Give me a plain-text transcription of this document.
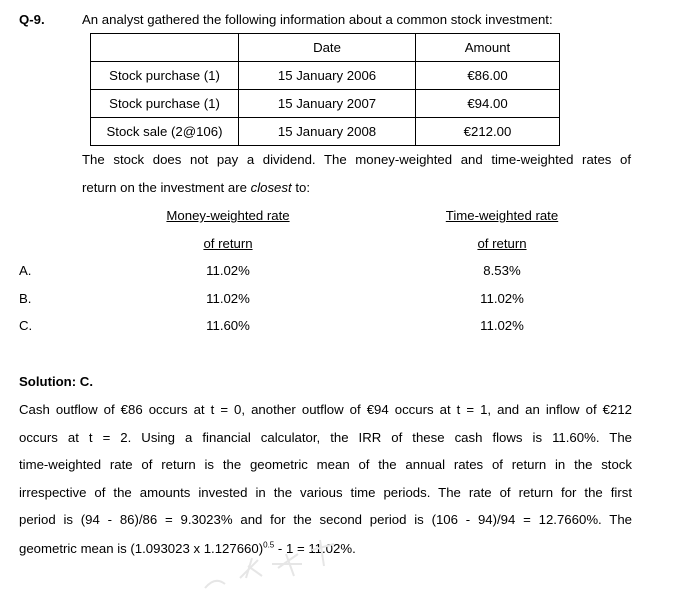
Q-9.	An analyst gathered the following information about a common stock investment:
	Date	Amount
Stock purchase (1)	15 January 2006	€86.00
Stock purchase (1)	15 January 2007	€94.00
Stock sale (2@106)	15 January 2008	€212.00
The stock does not pay a dividend. The money-weighted and time-weighted rates of
return on the investment are closest to:
Money-weighted rate
of return
Time-weighted rate
of return
A.	11.02%	8.53%
B.	11.02%	11.02%
C.	11.60%	11.02%
Solution: C.
Cash outflow of €86 occurs at t = 0, another outflow of €94 occurs at t = 1, and an inflow of €212
occurs at t = 2. Using a financial calculator, the IRR of these cash flows is 11.60%. The
time-weighted rate of return is the geometric mean of the annual rates of return in the stock
irrespective of the amounts invested in the various time periods. The rate of return for the first
period is (94 - 86)/86 = 9.3023% and for the second period is (106 - 94)/94 = 12.7660%. The
geometric mean is (1.093023 x 1.127660)$^{0.5}$ - 1 = 11.02%.
